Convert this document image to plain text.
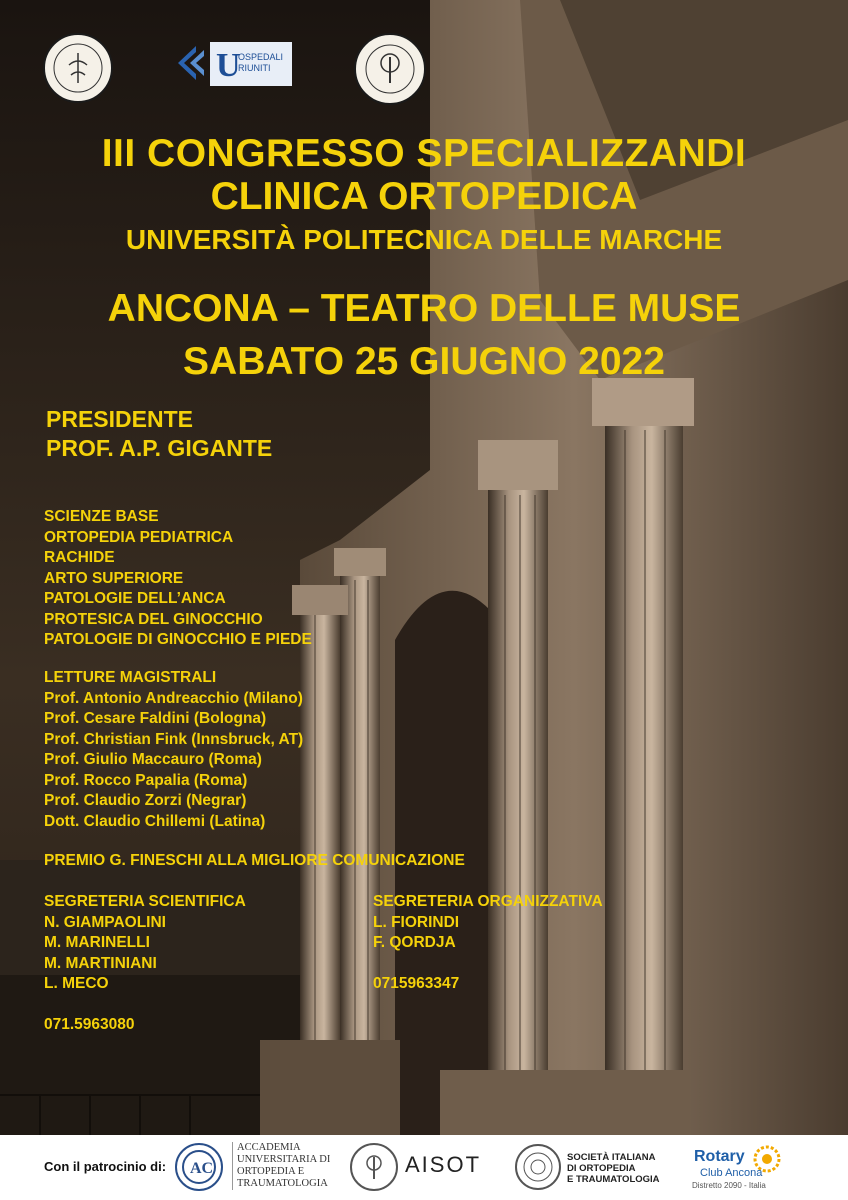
U
OSPEDALI
RIUNITI
III CONGRESSO SPECIALIZZANDI
CLINICA ORTOPEDICA
UNIVERSITÀ POLITECNICA DELLE MARCHE
ANCONA – TEATRO DELLE MUSE
SABATO 25 GIUGNO 2022
PRESIDENTE
PROF. A.P. GIGANTE
SCIENZE BASE
ORTOPEDIA PEDIATRICA
RACHIDE
ARTO SUPERIORE
PATOLOGIE DELL’ANCA
PROTESICA DEL GINOCCHIO
PATOLOGIE DI GINOCCHIO E PIEDE
LETTURE MAGISTRALI
Prof. Antonio Andreacchio (Milano)
Prof. Cesare Faldini (Bologna)
Prof. Christian Fink (Innsbruck, AT)
Prof. Giulio Maccauro (Roma)
Prof. Rocco Papalia (Roma)
Prof. Claudio Zorzi (Negrar)
Dott. Claudio Chillemi (Latina)
PREMIO G. FINESCHI ALLA MIGLIORE COMUNICAZIONE
SEGRETERIA SCIENTIFICA
N. GIAMPAOLINI
M. MARINELLI
M. MARTINIANI
L. MECO
071.5963080
SEGRETERIA ORGANIZZATIVA
L. FIORINDI
F. QORDJA
0715963347
Con il patrocinio di: AC
ACCADEMIA
UNIVERSITARIA DI
ORTOPEDIA E
TRAUMATOLOGIA
AISOT	SOCIETÀ ITALIANA
DI ORTOPEDIA
E TRAUMATOLOGIA
Rotary
Club Ancona
Distretto 2090 - Italia
